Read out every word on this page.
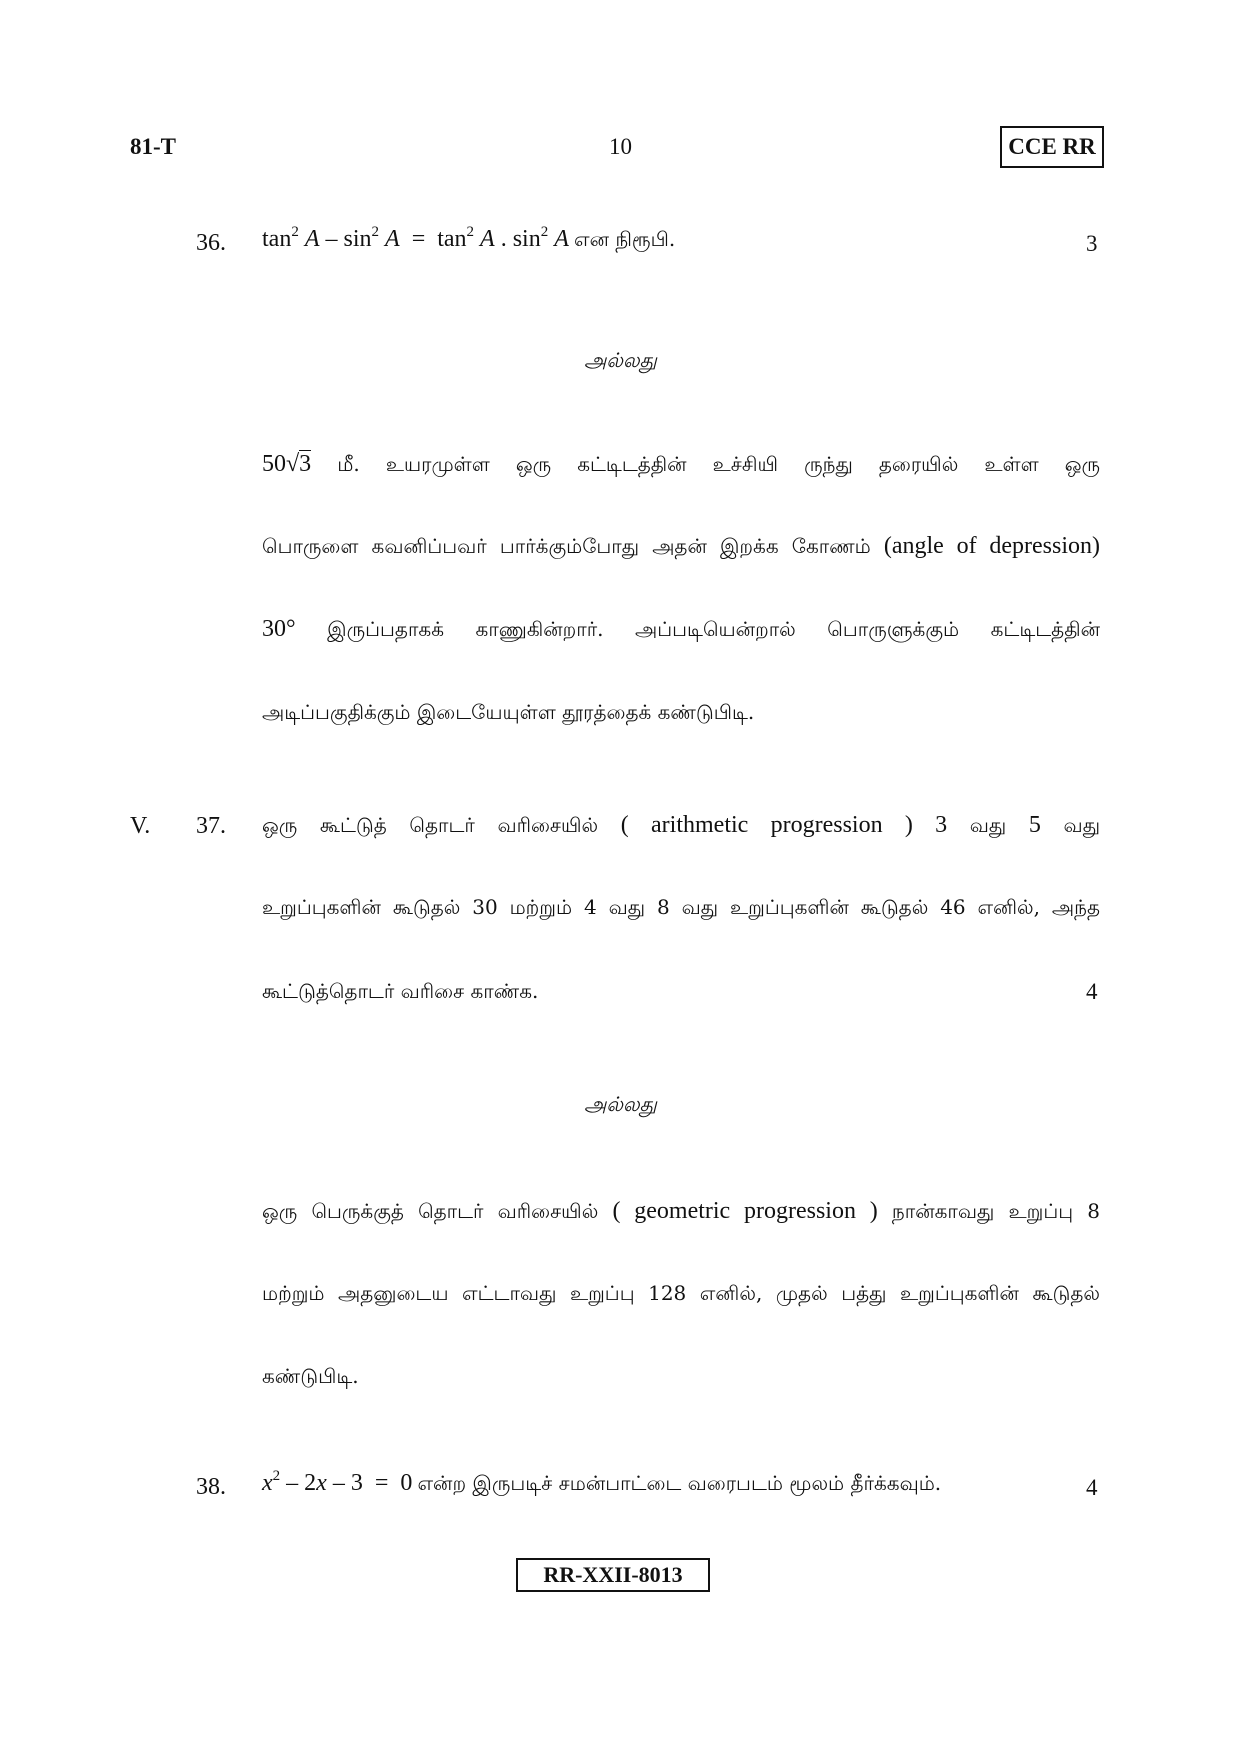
81-T	10	CCE RR
36. $\tan^2 A - \sin^2 A = \tan^2 A$ . $\sin^2 A$ என நிரூபி.	3
அல்லது
50√3 மீ. உயரமுள்ள ஒரு கட்டிடத்தின் உச்சியி ருந்து தரையில் உள்ள ஒரு
பொருளை கவனிப்பவர் பார்க்கும்போது அதன் இறக்க கோணம் (angle of depression)
30° இருப்பதாகக் காணுகின்றார். அப்படியென்றால் பொருளுக்கும் கட்டிடத்தின்
அடிப்பகுதிக்கும் இடையேயுள்ள தூரத்தைக் கண்டுபிடி.
V. 37. ஒரு கூட்டுத் தொடர் வரிசையில் ( arithmetic progression ) 3 வது 5 வது
உறுப்புகளின் கூடுதல் 30 மற்றும் 4 வது 8 வது உறுப்புகளின் கூடுதல் 46 எனில், அந்த
கூட்டுத்தொடர் வரிசை காண்க.	4
அல்லது
ஒரு பெருக்குத் தொடர் வரிசையில் ( geometric progression ) நான்காவது உறுப்பு 8
மற்றும் அதனுடைய எட்டாவது உறுப்பு 128 எனில், முதல் பத்து உறுப்புகளின் கூடுதல்
கண்டுபிடி.
38. $x^2 - 2x - 3 = 0$ என்ற இருபடிச் சமன்பாட்டை வரைபடம் மூலம் தீர்க்கவும்.	4
RR-XXII-8013
